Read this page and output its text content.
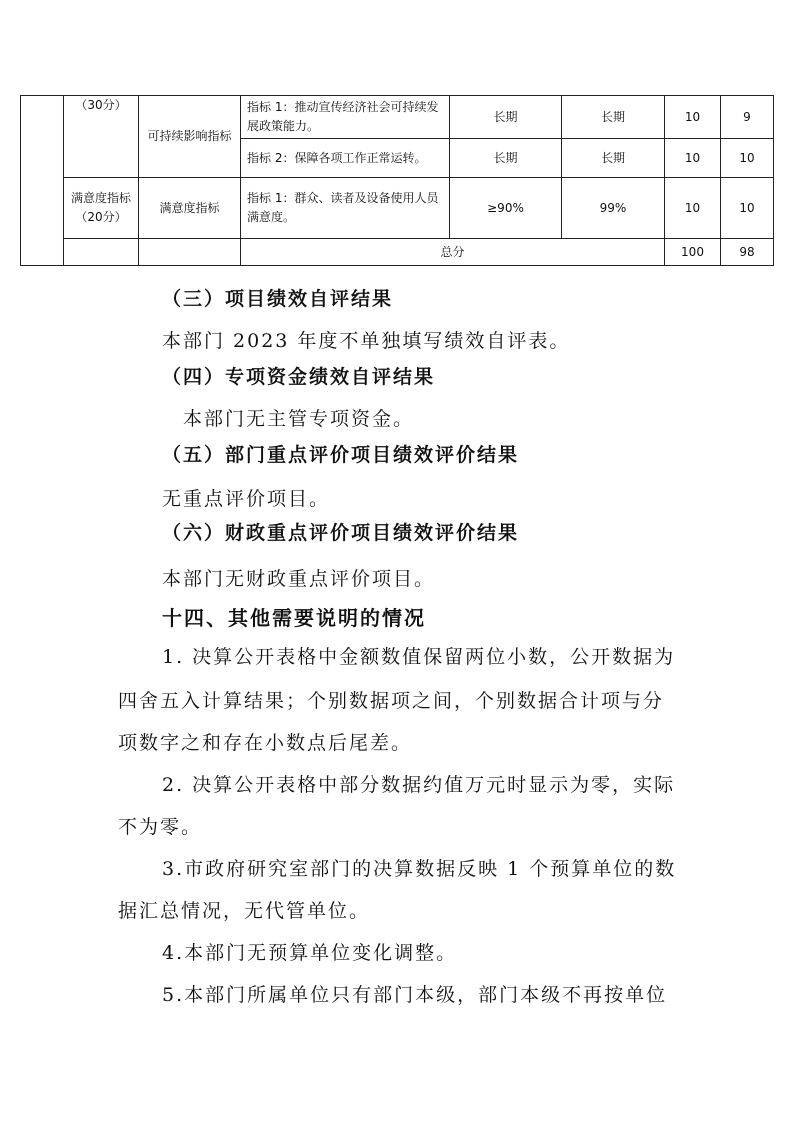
	（30分）	可持续影响指标	指标 1：推动宣传经济社会可持续发展政策能力。	长期	长期	10	9
			指标 2：保障各项工作正常运转。	长期	长期	10	10
	满意度指标（20分）	满意度指标	指标 1：群众、读者及设备使用人员满意度。	≥90%	99%	10	10
			总分			100	98
（三）项目绩效自评结果
本部门 2023 年度不单独填写绩效自评表。
（四）专项资金绩效自评结果
本部门无主管专项资金。
（五）部门重点评价项目绩效评价结果
无重点评价项目。
（六）财政重点评价项目绩效评价结果
本部门无财政重点评价项目。
十四、其他需要说明的情况
1. 决算公开表格中金额数值保留两位小数，公开数据为
四舍五入计算结果；个别数据项之间，个别数据合计项与分
项数字之和存在小数点后尾差。
2. 决算公开表格中部分数据约值万元时显示为零，实际
不为零。
3.市政府研究室部门的决算数据反映 1 个预算单位的数
据汇总情况，无代管单位。
4.本部门无预算单位变化调整。
5.本部门所属单位只有部门本级，部门本级不再按单位
